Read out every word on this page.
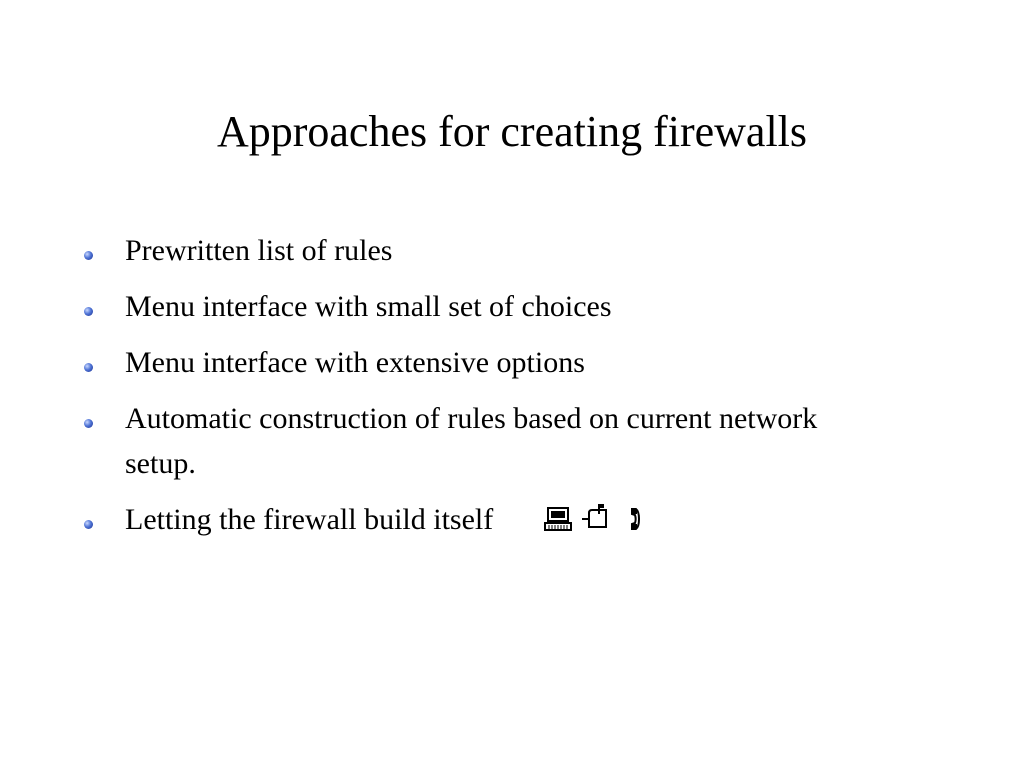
Approaches for creating firewalls
Prewritten list of rules
Menu interface with small set of choices
Menu interface with extensive options
Automatic construction of rules based on current network setup.
Letting the firewall build itself
